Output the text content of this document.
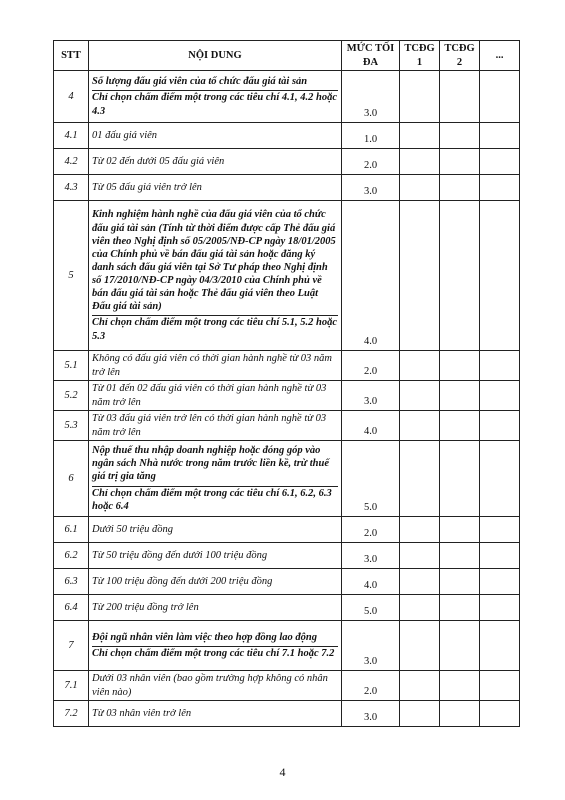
STT	NỘI DUNG	MỨC TỐI ĐA	TCĐG 1	TCĐG 2	...
4	Số lượng đấu giá viên của tổ chức đấu giá tài sản
Chỉ chọn chấm điểm một trong các tiêu chí 4.1, 4.2 hoặc 4.3	3.0			
4.1	01 đấu giá viên	1.0			
4.2	Từ 02 đến dưới 05 đấu giá viên	2.0			
4.3	Từ 05 đấu giá viên trở lên	3.0			
5	Kinh nghiệm hành nghề của đấu giá viên của tổ chức đấu giá tài sản (Tính từ thời điểm được cấp Thẻ đấu giá viên theo Nghị định số 05/2005/NĐ-CP ngày 18/01/2005 của Chính phủ về bán đấu giá tài sản hoặc đăng ký danh sách đấu giá viên tại Sở Tư pháp theo Nghị định số 17/2010/NĐ-CP ngày 04/3/2010 của Chính phủ về bán đấu giá tài sản hoặc Thẻ đấu giá viên theo Luật Đấu giá tài sản)
Chỉ chọn chấm điểm một trong các tiêu chí 5.1, 5.2 hoặc 5.3	4.0			
5.1	Không có đấu giá viên có thời gian hành nghề từ 03 năm trở lên	2.0			
5.2	Từ 01 đến 02 đấu giá viên có thời gian hành nghề từ 03 năm trở lên	3.0			
5.3	Từ 03 đấu giá viên trở lên có thời gian hành nghề từ 03 năm trở lên	4.0			
6	Nộp thuế thu nhập doanh nghiệp hoặc đóng góp vào ngân sách Nhà nước trong năm trước liền kề, trừ thuế giá trị gia tăng
Chỉ chọn chấm điểm một trong các tiêu chí 6.1, 6.2, 6.3 hoặc 6.4	5.0			
6.1	Dưới 50 triệu đồng	2.0			
6.2	Từ 50 triệu đồng đến dưới 100 triệu đồng	3.0			
6.3	Từ 100 triệu đồng đến dưới 200 triệu đồng	4.0			
6.4	Từ 200 triệu đồng trở lên	5.0			
7	Đội ngũ nhân viên làm việc theo hợp đồng lao động
Chỉ chọn chấm điểm một trong các tiêu chí 7.1 hoặc 7.2	3.0			
7.1	Dưới 03 nhân viên (bao gồm trường hợp không có nhân viên nào)	2.0			
7.2	Từ 03 nhân viên trở lên	3.0			
4
